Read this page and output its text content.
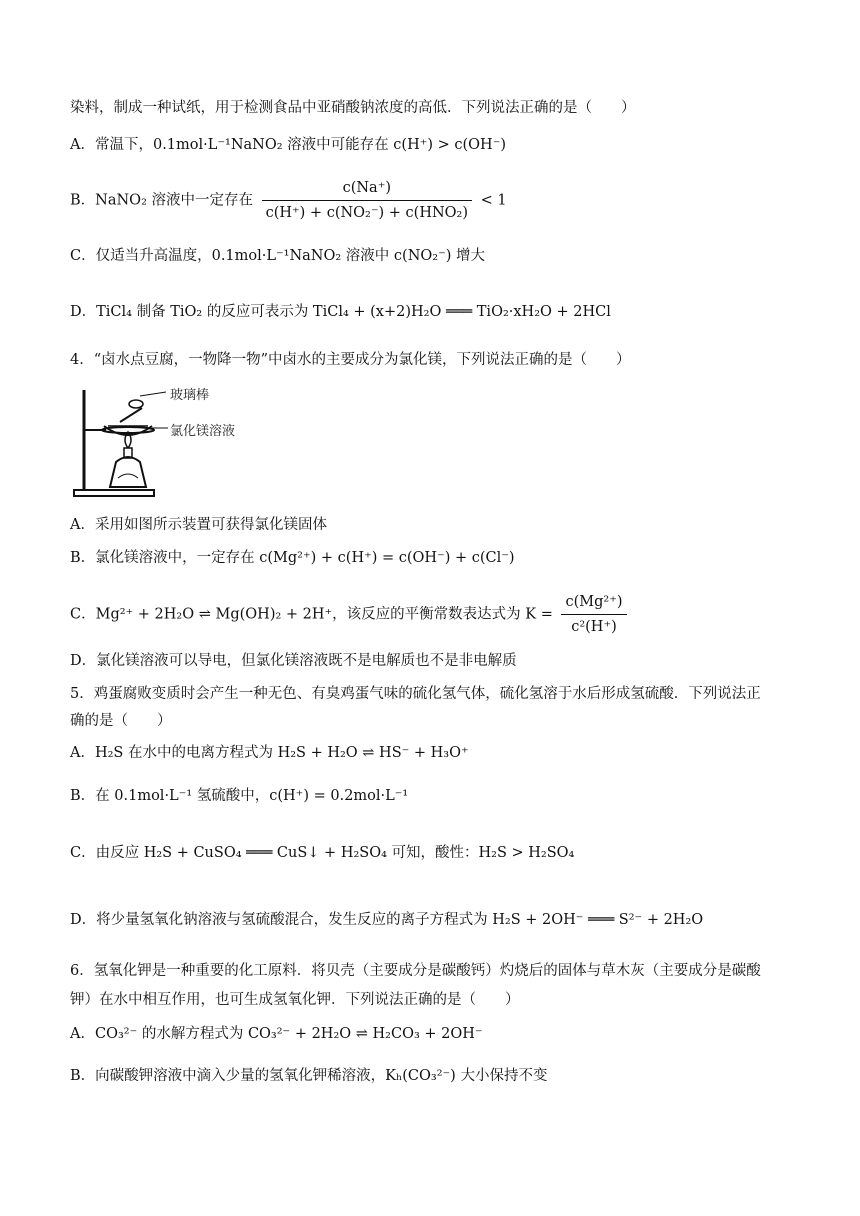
染料，制成一种试纸，用于检测食品中亚硝酸钠浓度的高低．下列说法正确的是（　　）
A．常温下，0.1mol·L⁻¹NaNO₂ 溶液中可能存在 c(H⁺) > c(OH⁻)
B．NaNO₂ 溶液中一定存在 $\frac{c(Na^+)}{\text{c(H⁺) + c(NO₂⁻) + c(HNO₂)}} < 1$
C．仅适当升高温度，0.1mol·L⁻¹NaNO₂ 溶液中 c(NO₂⁻) 增大
D．TiCl₄ 制备 TiO₂ 的反应可表示为 TiCl₄ + (x+2)H₂O ═══ TiO₂·xH₂O + 2HCl
4．“卤水点豆腐，一物降一物”中卤水的主要成分为氯化镁，下列说法正确的是（　　）
玻璃棒
氯化镁溶液
A．采用如图所示装置可获得氯化镁固体
B．氯化镁溶液中，一定存在 c(Mg²⁺) + c(H⁺) = c(OH⁻) + c(Cl⁻)
C．Mg²⁺ + 2H₂O ⇌ Mg(OH)₂ + 2H⁺，该反应的平衡常数表达式为 $K = \frac{\text{c(Mg²⁺)}}{\text{c²(H⁺)}}$
D．氯化镁溶液可以导电，但氯化镁溶液既不是电解质也不是非电解质
5．鸡蛋腐败变质时会产生一种无色、有臭鸡蛋气味的硫化氢气体，硫化氢溶于水后形成氢硫酸．下列说法正
确的是（　　）
A．H₂S 在水中的电离方程式为 H₂S + H₂O ⇌ HS⁻ + H₃O⁺
B．在 0.1mol·L⁻¹ 氢硫酸中，c(H⁺) = 0.2mol·L⁻¹
C．由反应 H₂S + CuSO₄ ═══ CuS↓ + H₂SO₄ 可知，酸性：H₂S > H₂SO₄
D．将少量氢氧化钠溶液与氢硫酸混合，发生反应的离子方程式为 H₂S + 2OH⁻ ═══ S²⁻ + 2H₂O
6．氢氧化钾是一种重要的化工原料．将贝壳（主要成分是碳酸钙）灼烧后的固体与草木灰（主要成分是碳酸
钾）在水中相互作用，也可生成氢氧化钾．下列说法正确的是（　　）
A．CO₃²⁻ 的水解方程式为 CO₃²⁻ + 2H₂O ⇌ H₂CO₃ + 2OH⁻
B．向碳酸钾溶液中滴入少量的氢氧化钾稀溶液，Kₕ(CO₃²⁻) 大小保持不变
